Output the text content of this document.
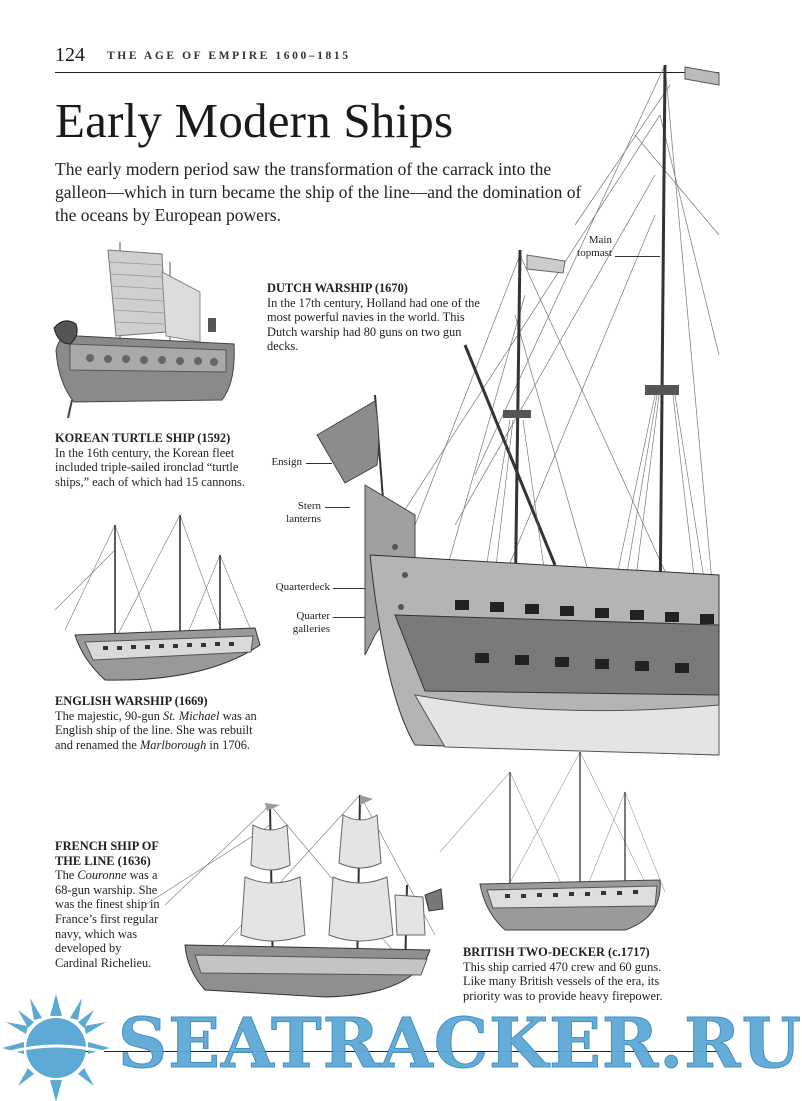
124 THE AGE OF EMPIRE 1600–1815
Early Modern Ships
The early modern period saw the transformation of the carrack into the galleon—which in turn became the ship of the line—and the domination of the oceans by European powers.
KOREAN TURTLE SHIP (1592)
In the 16th century, the Korean fleet included triple-sailed ironclad “turtle ships,” each of which had 15 cannons.
DUTCH WARSHIP (1670)
In the 17th century, Holland had one of the most powerful navies in the world. This Dutch warship had 80 guns on two gun decks.
Main
topmast
Ensign
Stern
lanterns
Quarterdeck
Quarter
galleries
ENGLISH WARSHIP (1669)
The majestic, 90-gun St. Michael was an English ship of the line. She was rebuilt and renamed the Marlborough in 1706.
FRENCH SHIP OF
THE LINE (1636)
The Couronne was a 68-gun warship. She was the finest ship in France’s first regular navy, which was developed by Cardinal Richelieu.
BRITISH TWO-DECKER (c.1717)
This ship carried 470 crew and 60 guns. Like many British vessels of the era, its priority was to provide heavy firepower.
SEATRACKER.RU
